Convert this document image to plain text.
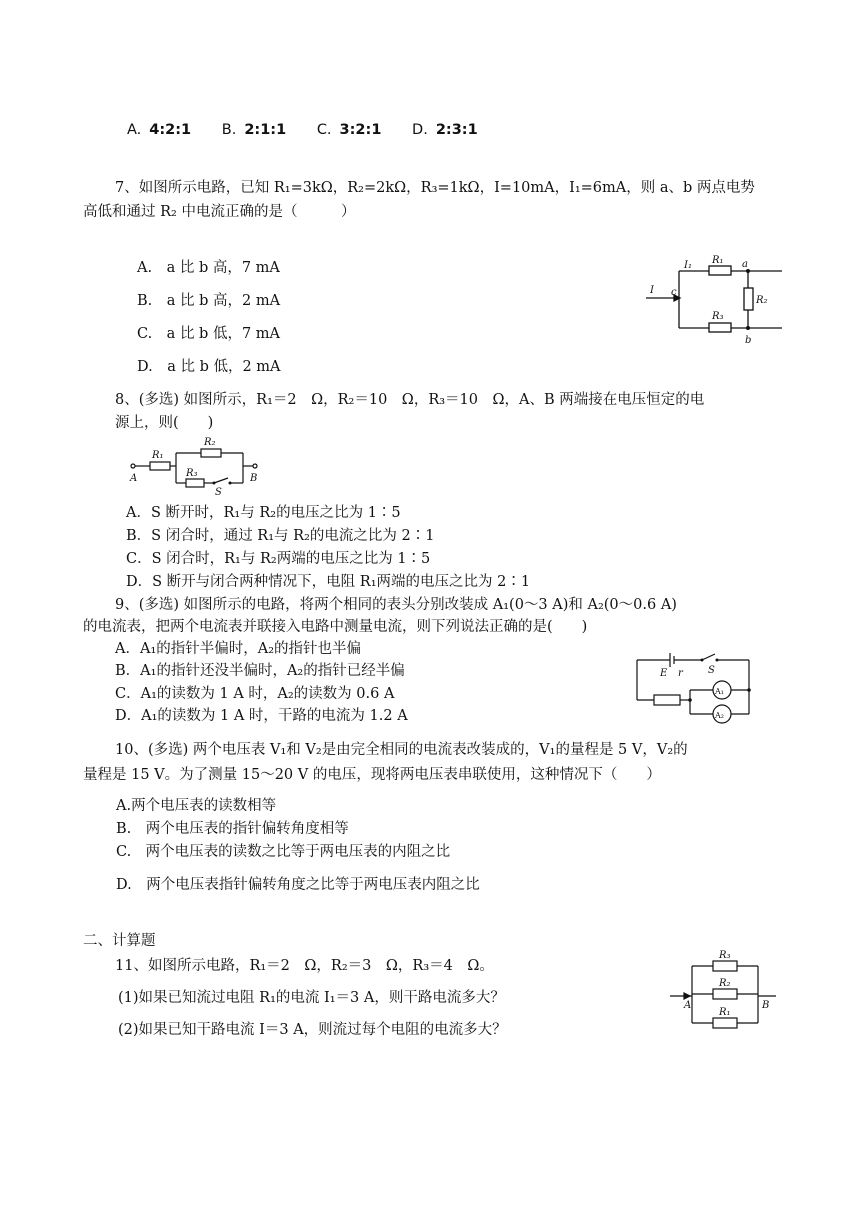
A. 4:2:1 B. 2:1:1 C. 3:2:1 D. 2:3:1
7、如图所示电路，已知 R₁=3kΩ，R₂=2kΩ，R₃=1kΩ，I=10mA，I₁=6mA，则 a、b 两点电势
高低和通过 R₂ 中电流正确的是（　　　）
A.　a 比 b 高，7 mA
B.　a 比 b 高，2 mA
C.　a 比 b 低，7 mA
D.　a 比 b 低，2 mA
I c
I₁ R₁ a
R₂
R₃
b
8、(多选) 如图所示，R₁＝2　Ω，R₂＝10　Ω，R₃＝10　Ω，A、B 两端接在电压恒定的电
源上，则(　　)
A
R₁
R₂
R₃
S
B
A．S 断开时，R₁与 R₂的电压之比为 1∶5
B．S 闭合时，通过 R₁与 R₂的电流之比为 2∶1
C．S 闭合时，R₁与 R₂两端的电压之比为 1∶5
D．S 断开与闭合两种情况下，电阻 R₁两端的电压之比为 2∶1
9、(多选) 如图所示的电路，将两个相同的表头分别改装成 A₁(0～3 A)和 A₂(0～0.6 A)
的电流表，把两个电流表并联接入电路中测量电流，则下列说法正确的是(　　)
A．A₁的指针半偏时，A₂的指针也半偏
B．A₁的指针还没半偏时，A₂的指针已经半偏
C．A₁的读数为 1 A 时，A₂的读数为 0.6 A
D．A₁的读数为 1 A 时，干路的电流为 1.2 A
E r	S
A₁
A₂
10、(多选) 两个电压表 V₁和 V₂是由完全相同的电流表改装成的，V₁的量程是 5 V，V₂的
量程是 15 V。为了测量 15～20 V 的电压，现将两电压表串联使用，这种情况下（　　）
A.两个电压表的读数相等
B.　两个电压表的指针偏转角度相等
C.　两个电压表的读数之比等于两电压表的内阻之比
D.　两个电压表指针偏转角度之比等于两电压表内阻之比
二、计算题
11、如图所示电路，R₁＝2　Ω，R₂＝3　Ω，R₃＝4　Ω。
(1)如果已知流过电阻 R₁的电流 I₁＝3 A，则干路电流多大？
(2)如果已知干路电流 I＝3 A，则流过每个电阻的电流多大？
A
R₃
R₂
R₁
B
